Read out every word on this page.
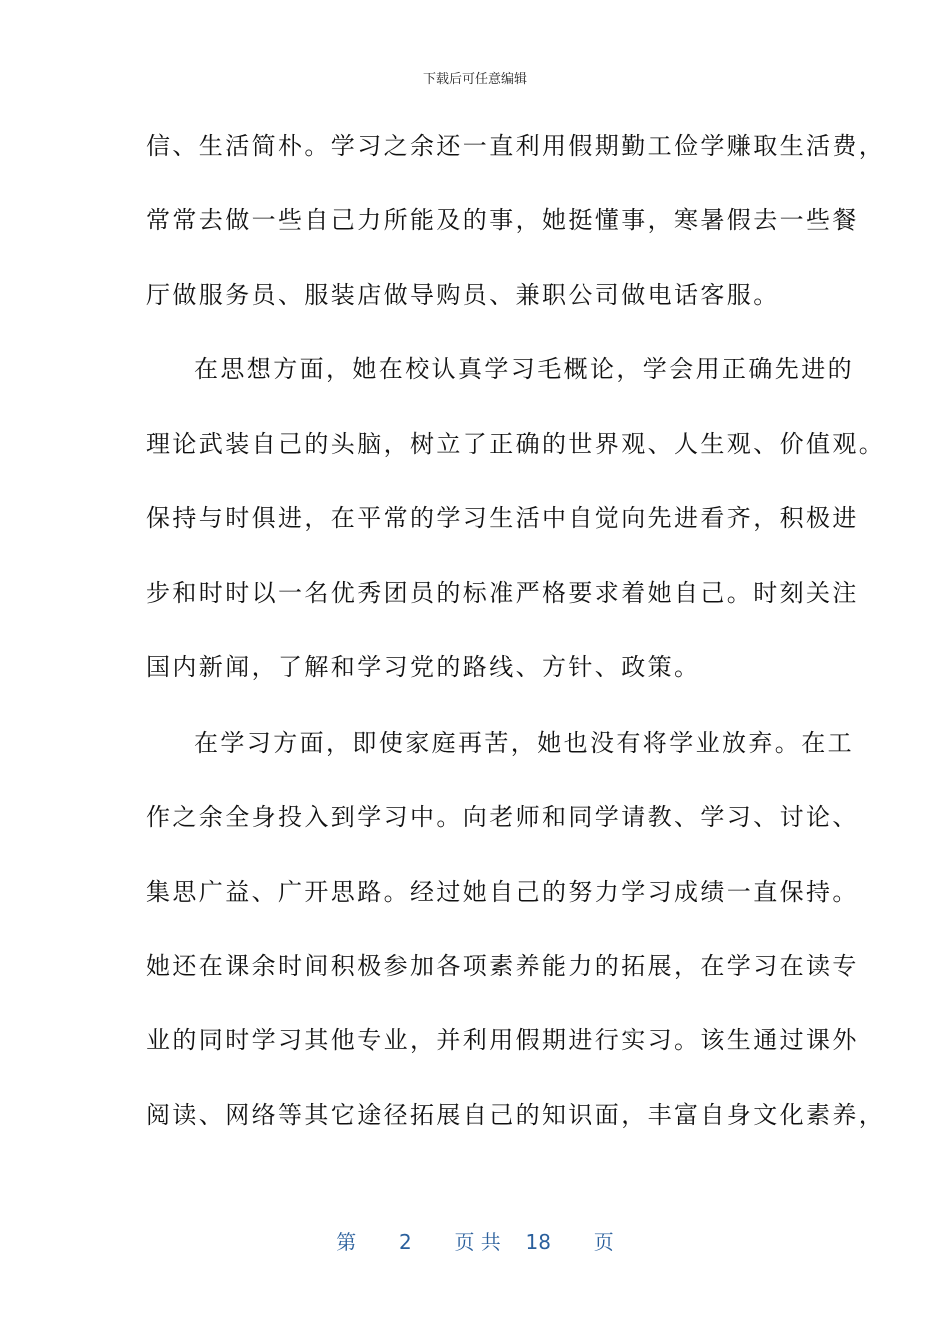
下载后可任意编辑
信、生活简朴。学习之余还一直利用假期勤工俭学赚取生活费，
常常去做一些自己力所能及的事，她挺懂事，寒暑假去一些餐
厅做服务员、服装店做导购员、兼职公司做电话客服。
在思想方面，她在校认真学习毛概论，学会用正确先进的
理论武装自己的头脑，树立了正确的世界观、人生观、价值观。
保持与时俱进，在平常的学习生活中自觉向先进看齐，积极进
步和时时以一名优秀团员的标准严格要求着她自己。时刻关注
国内新闻，了解和学习党的路线、方针、政策。
在学习方面，即使家庭再苦，她也没有将学业放弃。在工
作之余全身投入到学习中。向老师和同学请教、学习、讨论、
集思广益、广开思路。经过她自己的努力学习成绩一直保持。
她还在课余时间积极参加各项素养能力的拓展，在学习在读专
业的同时学习其他专业，并利用假期进行实习。该生通过课外
阅读、网络等其它途径拓展自己的知识面，丰富自身文化素养，
第 2 页 共 18 页
